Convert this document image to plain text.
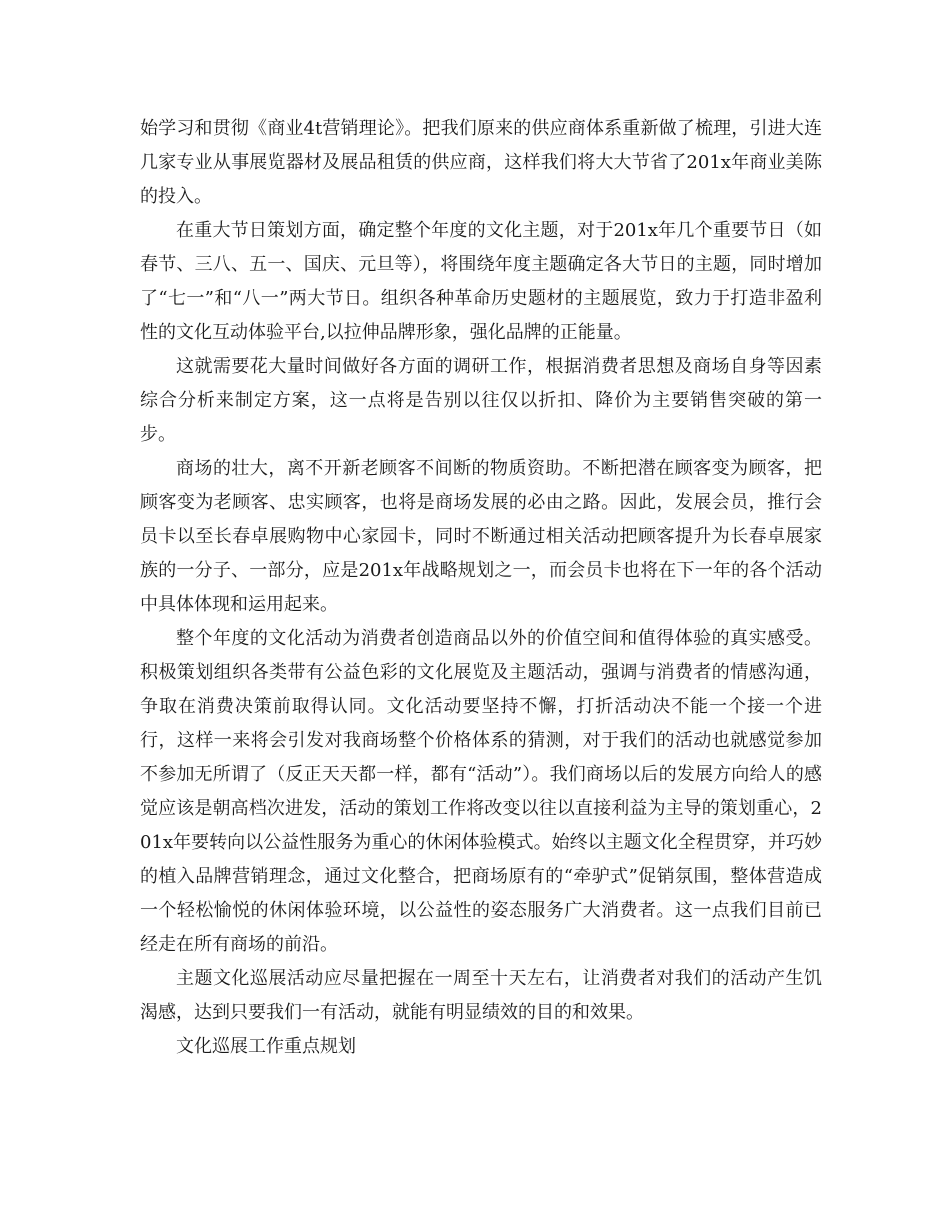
始学习和贯彻《商业4t营销理论》。把我们原来的供应商体系重新做了梳理，引进大连几家专业从事展览器材及展品租赁的供应商，这样我们将大大节省了201x年商业美陈的投入。

在重大节日策划方面，确定整个年度的文化主题，对于201x年几个重要节日（如春节、三八、五一、国庆、元旦等），将围绕年度主题确定各大节日的主题，同时增加了“七一”和“八一”两大节日。组织各种革命历史题材的主题展览，致力于打造非盈利性的文化互动体验平台,以拉伸品牌形象，强化品牌的正能量。

这就需要花大量时间做好各方面的调研工作，根据消费者思想及商场自身等因素综合分析来制定方案，这一点将是告别以往仅以折扣、降价为主要销售突破的第一步。

商场的壮大，离不开新老顾客不间断的物质资助。不断把潜在顾客变为顾客，把顾客变为老顾客、忠实顾客，也将是商场发展的必由之路。因此，发展会员，推行会员卡以至长春卓展购物中心家园卡，同时不断通过相关活动把顾客提升为长春卓展家族的一分子、一部分，应是201x年战略规划之一，而会员卡也将在下一年的各个活动中具体体现和运用起来。

整个年度的文化活动为消费者创造商品以外的价值空间和值得体验的真实感受。积极策划组织各类带有公益色彩的文化展览及主题活动，强调与消费者的情感沟通，争取在消费决策前取得认同。文化活动要坚持不懈，打折活动决不能一个接一个进行，这样一来将会引发对我商场整个价格体系的猜测，对于我们的活动也就感觉参加不参加无所谓了（反正天天都一样，都有“活动”）。我们商场以后的发展方向给人的感觉应该是朝高档次进发，活动的策划工作将改变以往以直接利益为主导的策划重心，201x年要转向以公益性服务为重心的休闲体验模式。始终以主题文化全程贯穿，并巧妙的植入品牌营销理念，通过文化整合，把商场原有的“牵驴式”促销氛围，整体营造成一个轻松愉悦的休闲体验环境，以公益性的姿态服务广大消费者。这一点我们目前已经走在所有商场的前沿。

主题文化巡展活动应尽量把握在一周至十天左右，让消费者对我们的活动产生饥渴感，达到只要我们一有活动，就能有明显绩效的目的和效果。

文化巡展工作重点规划
